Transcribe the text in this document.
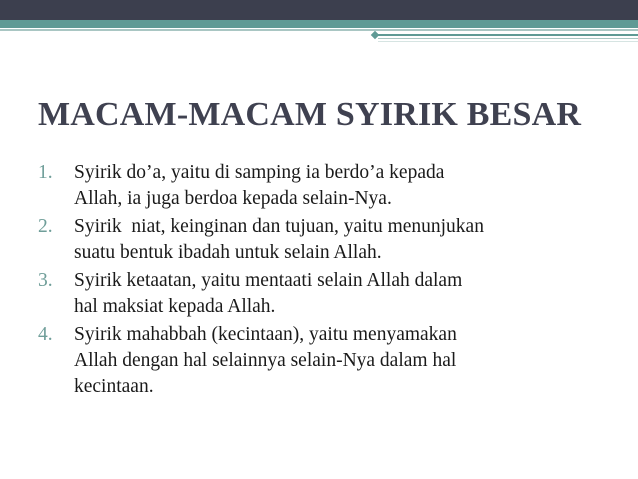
MACAM-MACAM SYIRIK BESAR
1. Syirik do’a, yaitu di samping ia berdo’a kepada
Allah, ia juga berdoa kepada selain-Nya.
2. Syirik  niat, keinginan dan tujuan, yaitu menunjukan
suatu bentuk ibadah untuk selain Allah.
3. Syirik ketaatan, yaitu mentaati selain Allah dalam
hal maksiat kepada Allah.
4. Syirik mahabbah (kecintaan), yaitu menyamakan
Allah dengan hal selainnya selain-Nya dalam hal
kecintaan.
